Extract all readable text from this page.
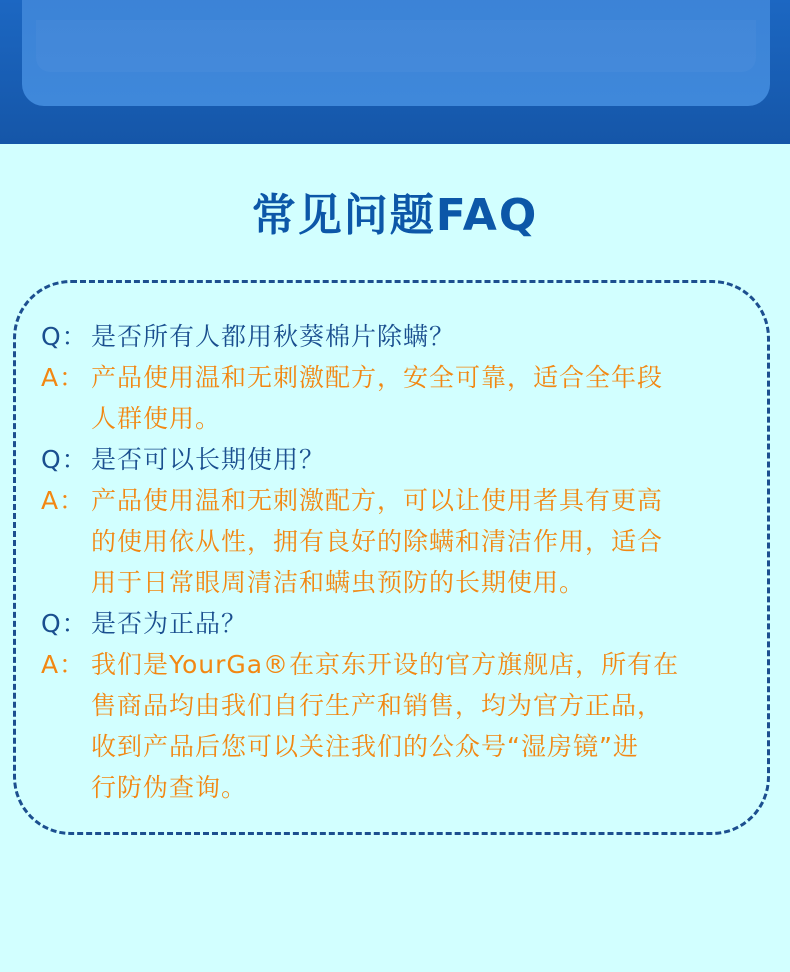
常见问题FAQ
Q： 是否所有人都用秋葵棉片除螨？
A： 产品使用温和无刺激配方，安全可靠，适合全年段
人群使用。
Q： 是否可以长期使用？
A： 产品使用温和无刺激配方，可以让使用者具有更高
的使用依从性，拥有良好的除螨和清洁作用，适合
用于日常眼周清洁和螨虫预防的长期使用。
Q： 是否为正品？
A： 我们是YourGa®在京东开设的官方旗舰店，所有在
售商品均由我们自行生产和销售，均为官方正品，
收到产品后您可以关注我们的公众号“湿房镜”进
行防伪查询。
